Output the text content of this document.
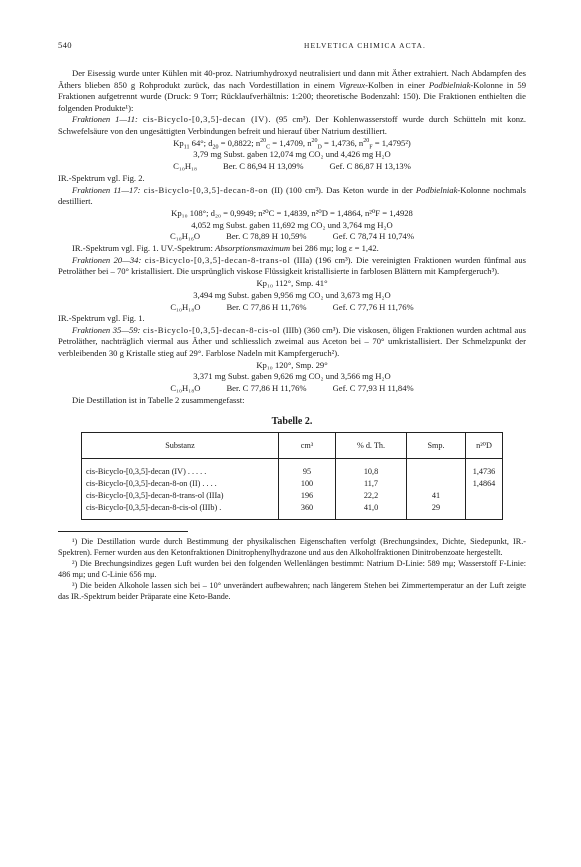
540	HELVETICA CHIMICA ACTA.

Der Eisessig wurde unter Kühlen mit 40-proz. Natriumhydroxyd neutralisiert und dann mit Äther extrahiert. Nach Abdampfen des Äthers blieben 850 g Rohprodukt zurück, das nach Vordestillation in einem Vigreux-Kolben in einer Podbielniak-Kolonne in 59 Fraktionen aufgetrennt wurde (Druck: 9 Torr; Rücklaufverhältnis: 1:200; theoretische Bodenzahl: 150). Die Fraktionen enthielten die folgenden Produkte¹):

Fraktionen 1—11: cis-Bicyclo-[0,3,5]-decan (IV). (95 cm³). Der Kohlenwasserstoff wurde durch Schütteln mit konz. Schwefelsäure von den ungesättigten Verbindungen befreit und hierauf über Natrium destilliert.

$Kp_{11}$ 64°; $d_{20} = 0,8822$; $n^{20}_C = 1,4709$, $n^{20}_D = 1,4736$, $n^{20}_F = 1,4795^2$)
3,79 mg Subst. gaben 12,074 mg CO₂ und 4,426 mg H₂O
C₁₀H₁₈	Ber. C 86,94 H 13,09%	Gef. C 86,87 H 13,13%

IR.-Spektrum vgl. Fig. 2.

Fraktionen 11—17: cis-Bicyclo-[0,3,5]-decan-8-on (II) (100 cm³). Das Keton wurde in der Podbielniak-Kolonne nochmals destilliert.

Kp₁₀ 108°; d₂₀ = 0,9949; n²⁰C = 1,4839, n²⁰D = 1,4864, n²⁰F = 1,4928
4,052 mg Subst. gaben 11,692 mg CO₂ und 3,764 mg H₂O
C₁₀H₁₆O	Ber. C 78,89 H 10,59%	Gef. C 78,74 H 10,74%

IR.-Spektrum vgl. Fig. 1. UV.-Spektrum: Absorptionsmaximum bei 286 mμ; log ε = 1,42.

Fraktionen 20—34: cis-Bicyclo-[0,3,5]-decan-8-trans-ol (IIIa) (196 cm³). Die vereinigten Fraktionen wurden fünfmal aus Petroläther bei – 70° kristallisiert. Die ursprünglich viskose Flüssigkeit kristallisierte in farblosen Blättern mit Kampfergeruch³).

Kp₁₀ 112°, Smp. 41°
3,494 mg Subst. gaben 9,956 mg CO₂ und 3,673 mg H₂O
C₁₀H₁₈O	Ber. C 77,86 H 11,76%	Gef. C 77,76 H 11,76%

IR.-Spektrum vgl. Fig. 1.

Fraktionen 35—59: cis-Bicyclo-[0,3,5]-decan-8-cis-ol (IIIb) (360 cm³). Die viskosen, öligen Fraktionen wurden achtmal aus Petroläther, nachträglich viermal aus Äther und schliesslich zweimal aus Aceton bei – 70° umkristallisiert. Der Schmelzpunkt der verbleibenden 30 g Kristalle stieg auf 29°. Farblose Nadeln mit Kampfergeruch²).

Kp₁₀ 120°, Smp. 29°
3,371 mg Subst. gaben 9,626 mg CO₂ und 3,566 mg H₂O
C₁₀H₁₈O	Ber. C 77,86 H 11,76%	Gef. C 77,93 H 11,84%

Die Destillation ist in Tabelle 2 zusammengefasst:

Tabelle 2.
Substanz	cm³	% d. Th.	Smp.	n²⁰D
cis-Bicyclo-[0,3,5]-decan (IV) . . . . .	95	10,8		1,4736
cis-Bicyclo-[0,3,5]-decan-8-on (II) . . . .	100	11,7		1,4864
cis-Bicyclo-[0,3,5]-decan-8-trans-ol (IIIa)	196	22,2	41	
cis-Bicyclo-[0,3,5]-decan-8-cis-ol (IIIb) .	360	41,0	29	

¹) Die Destillation wurde durch Bestimmung der physikalischen Eigenschaften verfolgt (Brechungsindex, Dichte, Siedepunkt, IR.-Spektren). Ferner wurden aus den Ketonfraktionen Dinitrophenylhydrazone und aus den Alkoholfraktionen Dinitrobenzoate hergestellt.

²) Die Brechungsindizes gegen Luft wurden bei den folgenden Wellenlängen bestimmt: Natrium D-Linie: 589 mμ; Wasserstoff F-Linie: 486 mμ; und C-Linie 656 mμ.

³) Die beiden Alkohole lassen sich bei – 10° unverändert aufbewahren; nach längerem Stehen bei Zimmertemperatur an der Luft zeigte das IR.-Spektrum beider Präparate eine Keto-Bande.
